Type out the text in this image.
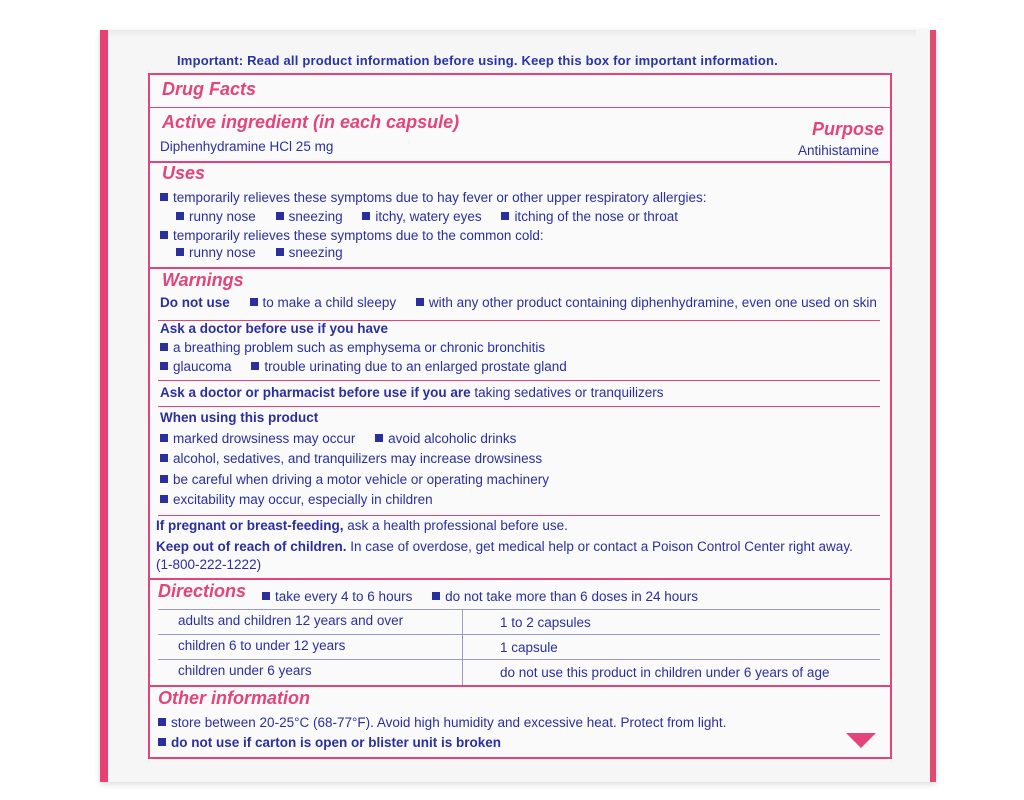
Important: Read all product information before using. Keep this box for important information.
Drug Facts
Active ingredient (in each capsule)	Purpose
Diphenhydramine HCl 25 mg	Antihistamine
Uses
temporarily relieves these symptoms due to hay fever or other upper respiratory allergies:
runny nose sneezing itchy, watery eyes itching of the nose or throat
temporarily relieves these symptoms due to the common cold:
runny nose sneezing
Warnings
Do not use to make a child sleepy with any other product containing diphenhydramine, even one used on skin
Ask a doctor before use if you have
a breathing problem such as emphysema or chronic bronchitis
glaucoma trouble urinating due to an enlarged prostate gland
Ask a doctor or pharmacist before use if you are taking sedatives or tranquilizers
When using this product
marked drowsiness may occur avoid alcoholic drinks
alcohol, sedatives, and tranquilizers may increase drowsiness
be careful when driving a motor vehicle or operating machinery
excitability may occur, especially in children
If pregnant or breast-feeding, ask a health professional before use.
Keep out of reach of children. In case of overdose, get medical help or contact a Poison Control Center right away.
(1-800-222-1222)
Directions	take every 4 to 6 hours do not take more than 6 doses in 24 hours
adults and children 12 years and over	1 to 2 capsules
children 6 to under 12 years	1 capsule
children under 6 years	do not use this product in children under 6 years of age
Other information
store between 20-25°C (68-77°F). Avoid high humidity and excessive heat. Protect from light.
do not use if carton is open or blister unit is broken
